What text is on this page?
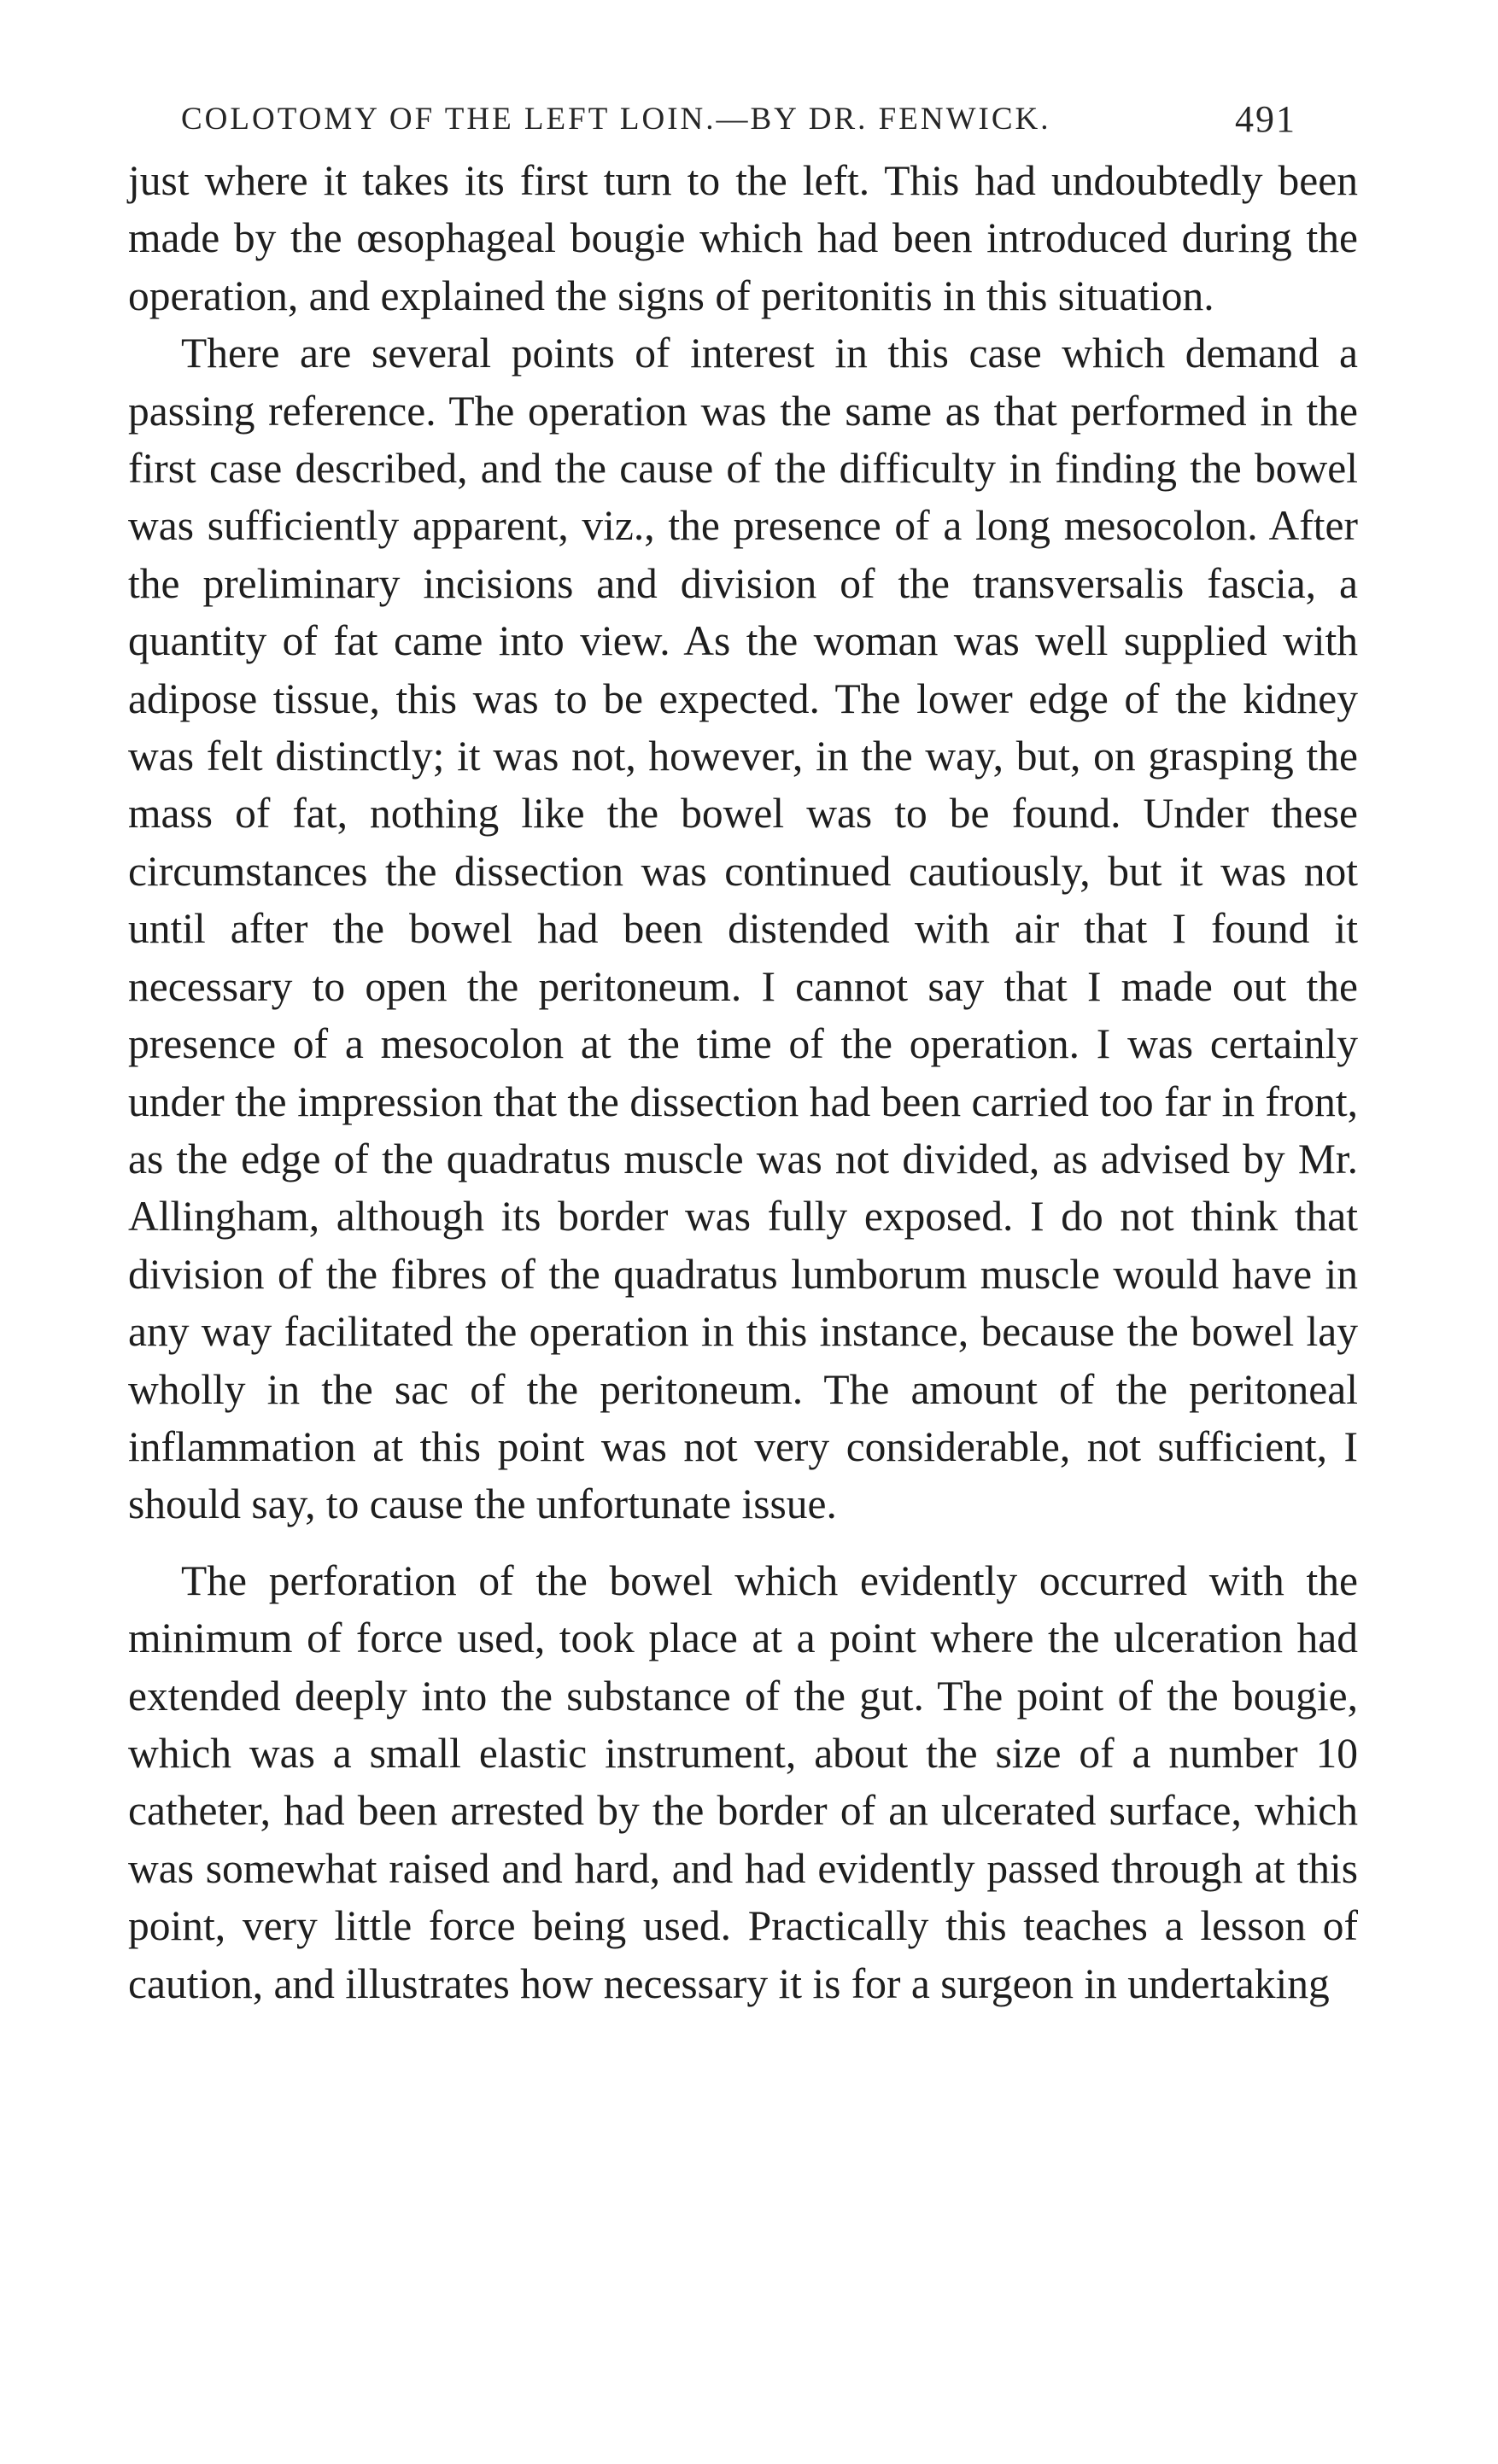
COLOTOMY OF THE LEFT LOIN.—BY DR. FENWICK.	491

just where it takes its first turn to the left. This had undoubtedly been made by the œsophageal bougie which had been introduced during the operation, and explained the signs of peritonitis in this situation.

There are several points of interest in this case which demand a passing reference. The operation was the same as that performed in the first case described, and the cause of the difficulty in finding the bowel was sufficiently apparent, viz., the presence of a long mesocolon. After the preliminary incisions and division of the transversalis fascia, a quantity of fat came into view. As the woman was well supplied with adipose tissue, this was to be expected. The lower edge of the kidney was felt distinctly; it was not, however, in the way, but, on grasping the mass of fat, nothing like the bowel was to be found. Under these circumstances the dissection was continued cautiously, but it was not until after the bowel had been distended with air that I found it necessary to open the peritoneum. I cannot say that I made out the presence of a mesocolon at the time of the operation. I was certainly under the impression that the dissection had been carried too far in front, as the edge of the quadratus muscle was not divided, as advised by Mr. Allingham, although its border was fully exposed. I do not think that division of the fibres of the quadratus lumborum muscle would have in any way facilitated the operation in this instance, because the bowel lay wholly in the sac of the peritoneum. The amount of the peritoneal inflammation at this point was not very considerable, not sufficient, I should say, to cause the unfortunate issue.

The perforation of the bowel which evidently occurred with the minimum of force used, took place at a point where the ulceration had extended deeply into the substance of the gut. The point of the bougie, which was a small elastic instrument, about the size of a number 10 catheter, had been arrested by the border of an ulcerated surface, which was somewhat raised and hard, and had evidently passed through at this point, very little force being used. Practically this teaches a lesson of caution, and illustrates how necessary it is for a surgeon in undertaking
